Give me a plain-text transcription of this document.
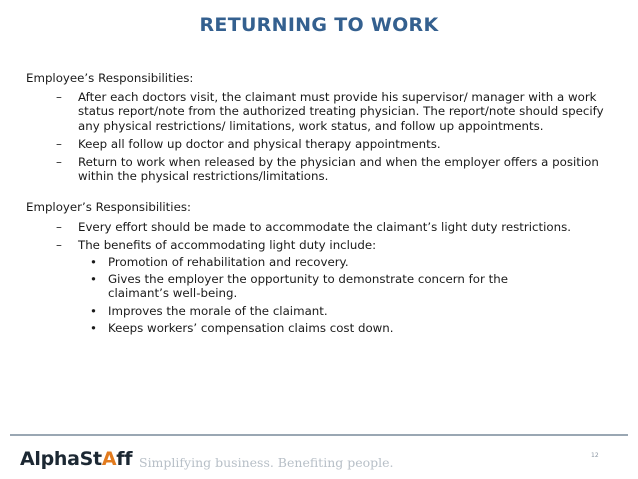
RETURNING TO WORK

Employee’s Responsibilities:

– After each doctors visit, the claimant must provide his supervisor/ manager with a work status report/note from the authorized treating physician. The report/note should specify any physical restrictions/ limitations, work status, and follow up appointments.
– Keep all follow up doctor and physical therapy appointments.
– Return to work when released by the physician and when the employer offers a position within the physical restrictions/limitations.

Employer’s Responsibilities:

– Every effort should be made to accommodate the claimant’s light duty restrictions.
– The benefits of accommodating light duty include:
• Promotion of rehabilitation and recovery.
• Gives the employer the opportunity to demonstrate concern for the claimant’s well-being.
• Improves the morale of the claimant.
• Keeps workers’ compensation claims cost down.
AlphaStAff Simplifying business. Benefiting people.	12
